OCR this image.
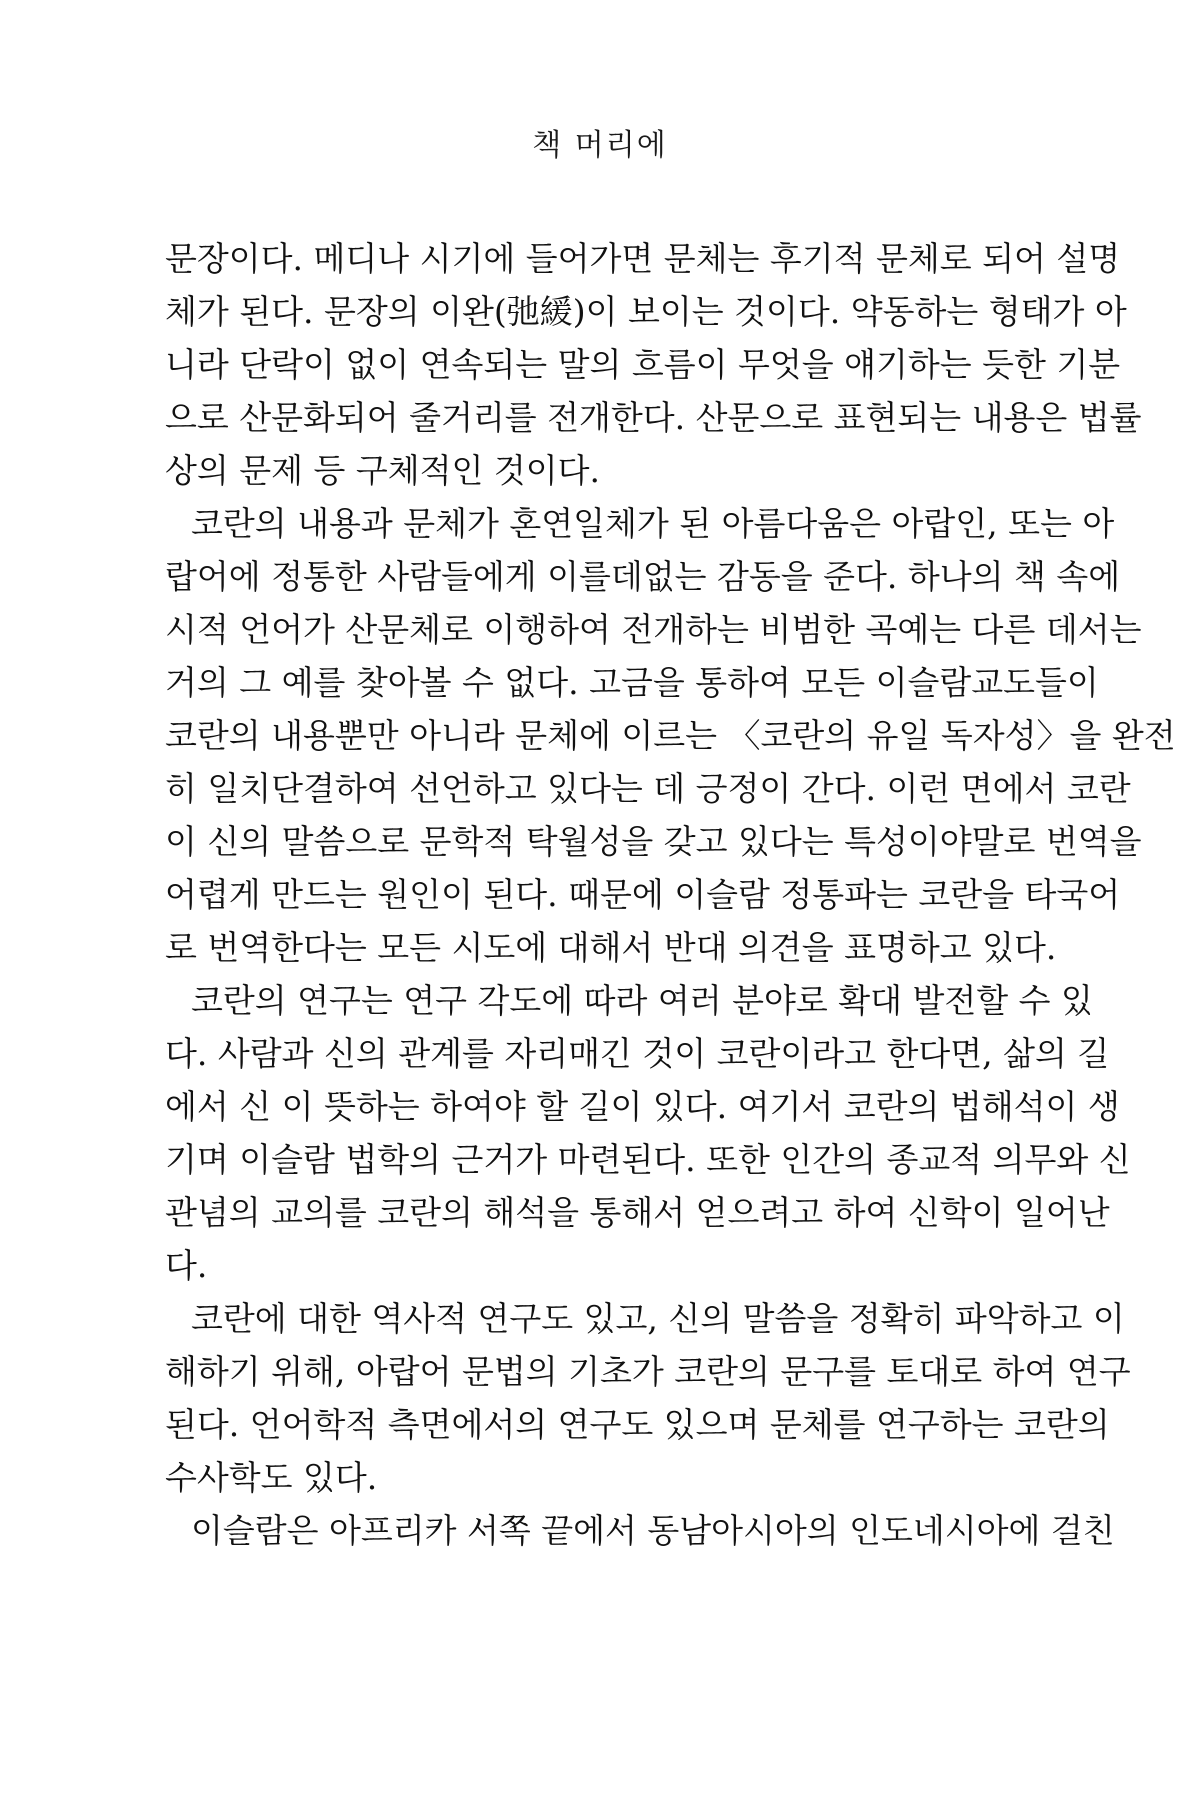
책 머리에
문장이다. 메디나 시기에 들어가면 문체는 후기적 문체로 되어 설명
체가 된다. 문장의 이완(弛緩)이 보이는 것이다. 약동하는 형태가 아
니라 단락이 없이 연속되는 말의 흐름이 무엇을 얘기하는 듯한 기분
으로 산문화되어 줄거리를 전개한다. 산문으로 표현되는 내용은 법률
상의 문제 등 구체적인 것이다.
코란의 내용과 문체가 혼연일체가 된 아름다움은 아랍인, 또는 아
랍어에 정통한 사람들에게 이를데없는 감동을 준다. 하나의 책 속에
시적 언어가 산문체로 이행하여 전개하는 비범한 곡예는 다른 데서는
거의 그 예를 찾아볼 수 없다. 고금을 통하여 모든 이슬람교도들이
코란의 내용뿐만 아니라 문체에 이르는 〈코란의 유일 독자성〉을 완전
히 일치단결하여 선언하고 있다는 데 긍정이 간다. 이런 면에서 코란
이 신의 말씀으로 문학적 탁월성을 갖고 있다는 특성이야말로 번역을
어렵게 만드는 원인이 된다. 때문에 이슬람 정통파는 코란을 타국어
로 번역한다는 모든 시도에 대해서 반대 의견을 표명하고 있다.
코란의 연구는 연구 각도에 따라 여러 분야로 확대 발전할 수 있
다. 사람과 신의 관계를 자리매긴 것이 코란이라고 한다면, 삶의 길
에서 신 이 뜻하는 하여야 할 길이 있다. 여기서 코란의 법해석이 생
기며 이슬람 법학의 근거가 마련된다. 또한 인간의 종교적 의무와 신
관념의 교의를 코란의 해석을 통해서 얻으려고 하여 신학이 일어난
다.
코란에 대한 역사적 연구도 있고, 신의 말씀을 정확히 파악하고 이
해하기 위해, 아랍어 문법의 기초가 코란의 문구를 토대로 하여 연구
된다. 언어학적 측면에서의 연구도 있으며 문체를 연구하는 코란의
수사학도 있다.
이슬람은 아프리카 서쪽 끝에서 동남아시아의 인도네시아에 걸친
